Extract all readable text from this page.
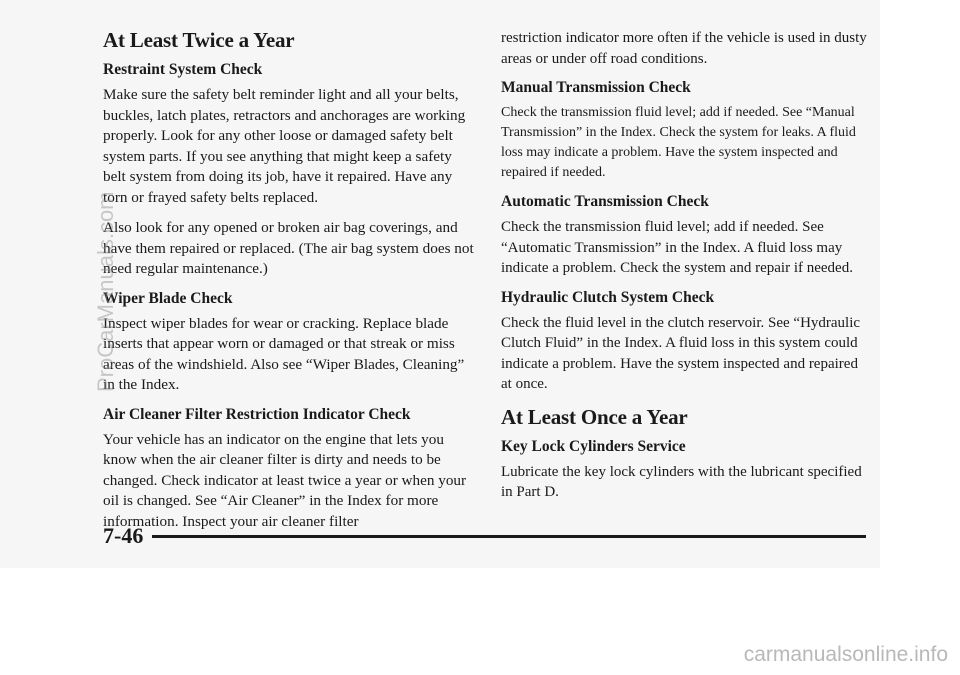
At Least Twice a Year
Restraint System Check

Make sure the safety belt reminder light and all your belts, buckles, latch plates, retractors and anchorages are working properly. Look for any other loose or damaged safety belt system parts. If you see anything that might keep a safety belt system from doing its job, have it repaired. Have any torn or frayed safety belts replaced.

Also look for any opened or broken air bag coverings, and have them repaired or replaced. (The air bag system does not need regular maintenance.)

Wiper Blade Check

Inspect wiper blades for wear or cracking. Replace blade inserts that appear worn or damaged or that streak or miss areas of the windshield. Also see “Wiper Blades, Cleaning” in the Index.

Air Cleaner Filter Restriction Indicator Check

Your vehicle has an indicator on the engine that lets you know when the air cleaner filter is dirty and needs to be changed. Check indicator at least twice a year or when your oil is changed. See “Air Cleaner” in the Index for more information. Inspect your air cleaner filter

restriction indicator more often if the vehicle is used in dusty areas or under off road conditions.

Manual Transmission Check

Check the transmission fluid level; add if needed. See “Manual Transmission” in the Index. Check the system for leaks. A fluid loss may indicate a problem. Have the system inspected and repaired if needed.

Automatic Transmission Check

Check the transmission fluid level; add if needed. See “Automatic Transmission” in the Index. A fluid loss may indicate a problem. Check the system and repair if needed.

Hydraulic Clutch System Check

Check the fluid level in the clutch reservoir. See “Hydraulic Clutch Fluid” in the Index. A fluid loss in this system could indicate a problem. Have the system inspected and repaired at once.

At Least Once a Year
Key Lock Cylinders Service

Lubricate the key lock cylinders with the lubricant specified in Part D.

7-46
ProCarManuals.com
carmanualsonline.info
